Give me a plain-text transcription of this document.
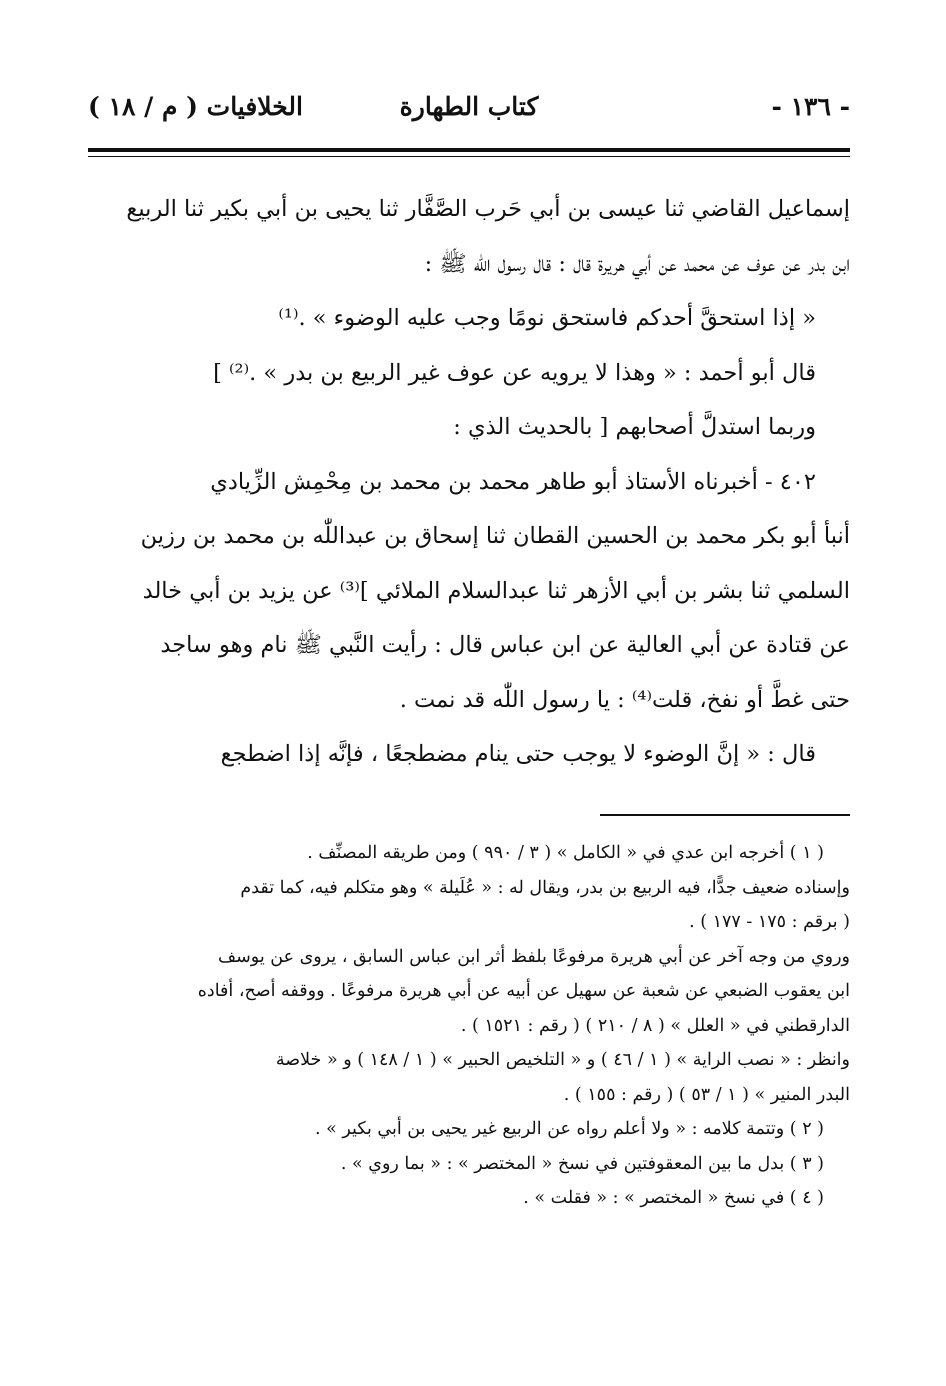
- ١٣٦ -
كتاب الطهارة
الخلافيات ( م / ١٨ )

إسماعيل القاضي ثنا عيسى بن أبي حَرب الصَّفَّار ثنا يحيى بن أبي بكير ثنا الربيع

ابن بدر عن عوف عن محمد عن أبي هريرة قال : قال رسول اللّٰه ﷺ :

« إذا استحقَّ أحدكم فاستحق نومًا وجب عليه الوضوء » .⁽¹⁾

قال أبو أحمد : « وهذا لا يرويه عن عوف غير الربيع بن بدر » .⁽²⁾ ]

وربما استدلَّ أصحابهم [ بالحديث الذي :

٤٠٢ - أخبرناه الأستاذ أبو طاهر محمد بن محمد بن مِحْمِش الزِّيادي

أنبأ أبو بكر محمد بن الحسين القطان ثنا إسحاق بن عبداللّٰه بن محمد بن رزين

السلمي ثنا بشر بن أبي الأزهر ثنا عبدالسلام الملائي ]⁽³⁾ عن يزيد بن أبي خالد

عن قتادة عن أبي العالية عن ابن عباس قال : رأيت النَّبي ﷺ نام وهو ساجد

حتى غطَّ أو نفخ، قلت⁽⁴⁾ : يا رسول اللّٰه قد نمت .

قال : « إنَّ الوضوء لا يوجب حتى ينام مضطجعًا ، فإنَّه إذا اضطجع

( ١ ) أخرجه ابن عدي في « الكامل » ( ٣ / ٩٩٠ ) ومن طريقه المصنِّف .

وإسناده ضعيف جدًّا، فيه الربيع بن بدر، ويقال له : « عُلَيلة » وهو متكلم فيه، كما تقدم

( برقم : ١٧٥ - ١٧٧ ) .

وروي من وجه آخر عن أبي هريرة مرفوعًا بلفظ أثر ابن عباس السابق ، يروى عن يوسف

ابن يعقوب الضبعي عن شعبة عن سهيل عن أبيه عن أبي هريرة مرفوعًا . ووقفه أصح، أفاده

الدارقطني في « العلل » ( ٨ / ٢١٠ ) ( رقم : ١٥٢١ ) .

وانظر : « نصب الراية » ( ١ / ٤٦ ) و « التلخيص الحبير » ( ١ / ١٤٨ ) و « خلاصة

البدر المنير » ( ١ / ٥٣ ) ( رقم : ١٥٥ ) .

( ٢ ) وتتمة كلامه : « ولا أعلم رواه عن الربيع غير يحيى بن أبي بكير » .

( ٣ ) بدل ما بين المعقوفتين في نسخ « المختصر » : « بما روي » .

( ٤ ) في نسخ « المختصر » : « فقلت » .
